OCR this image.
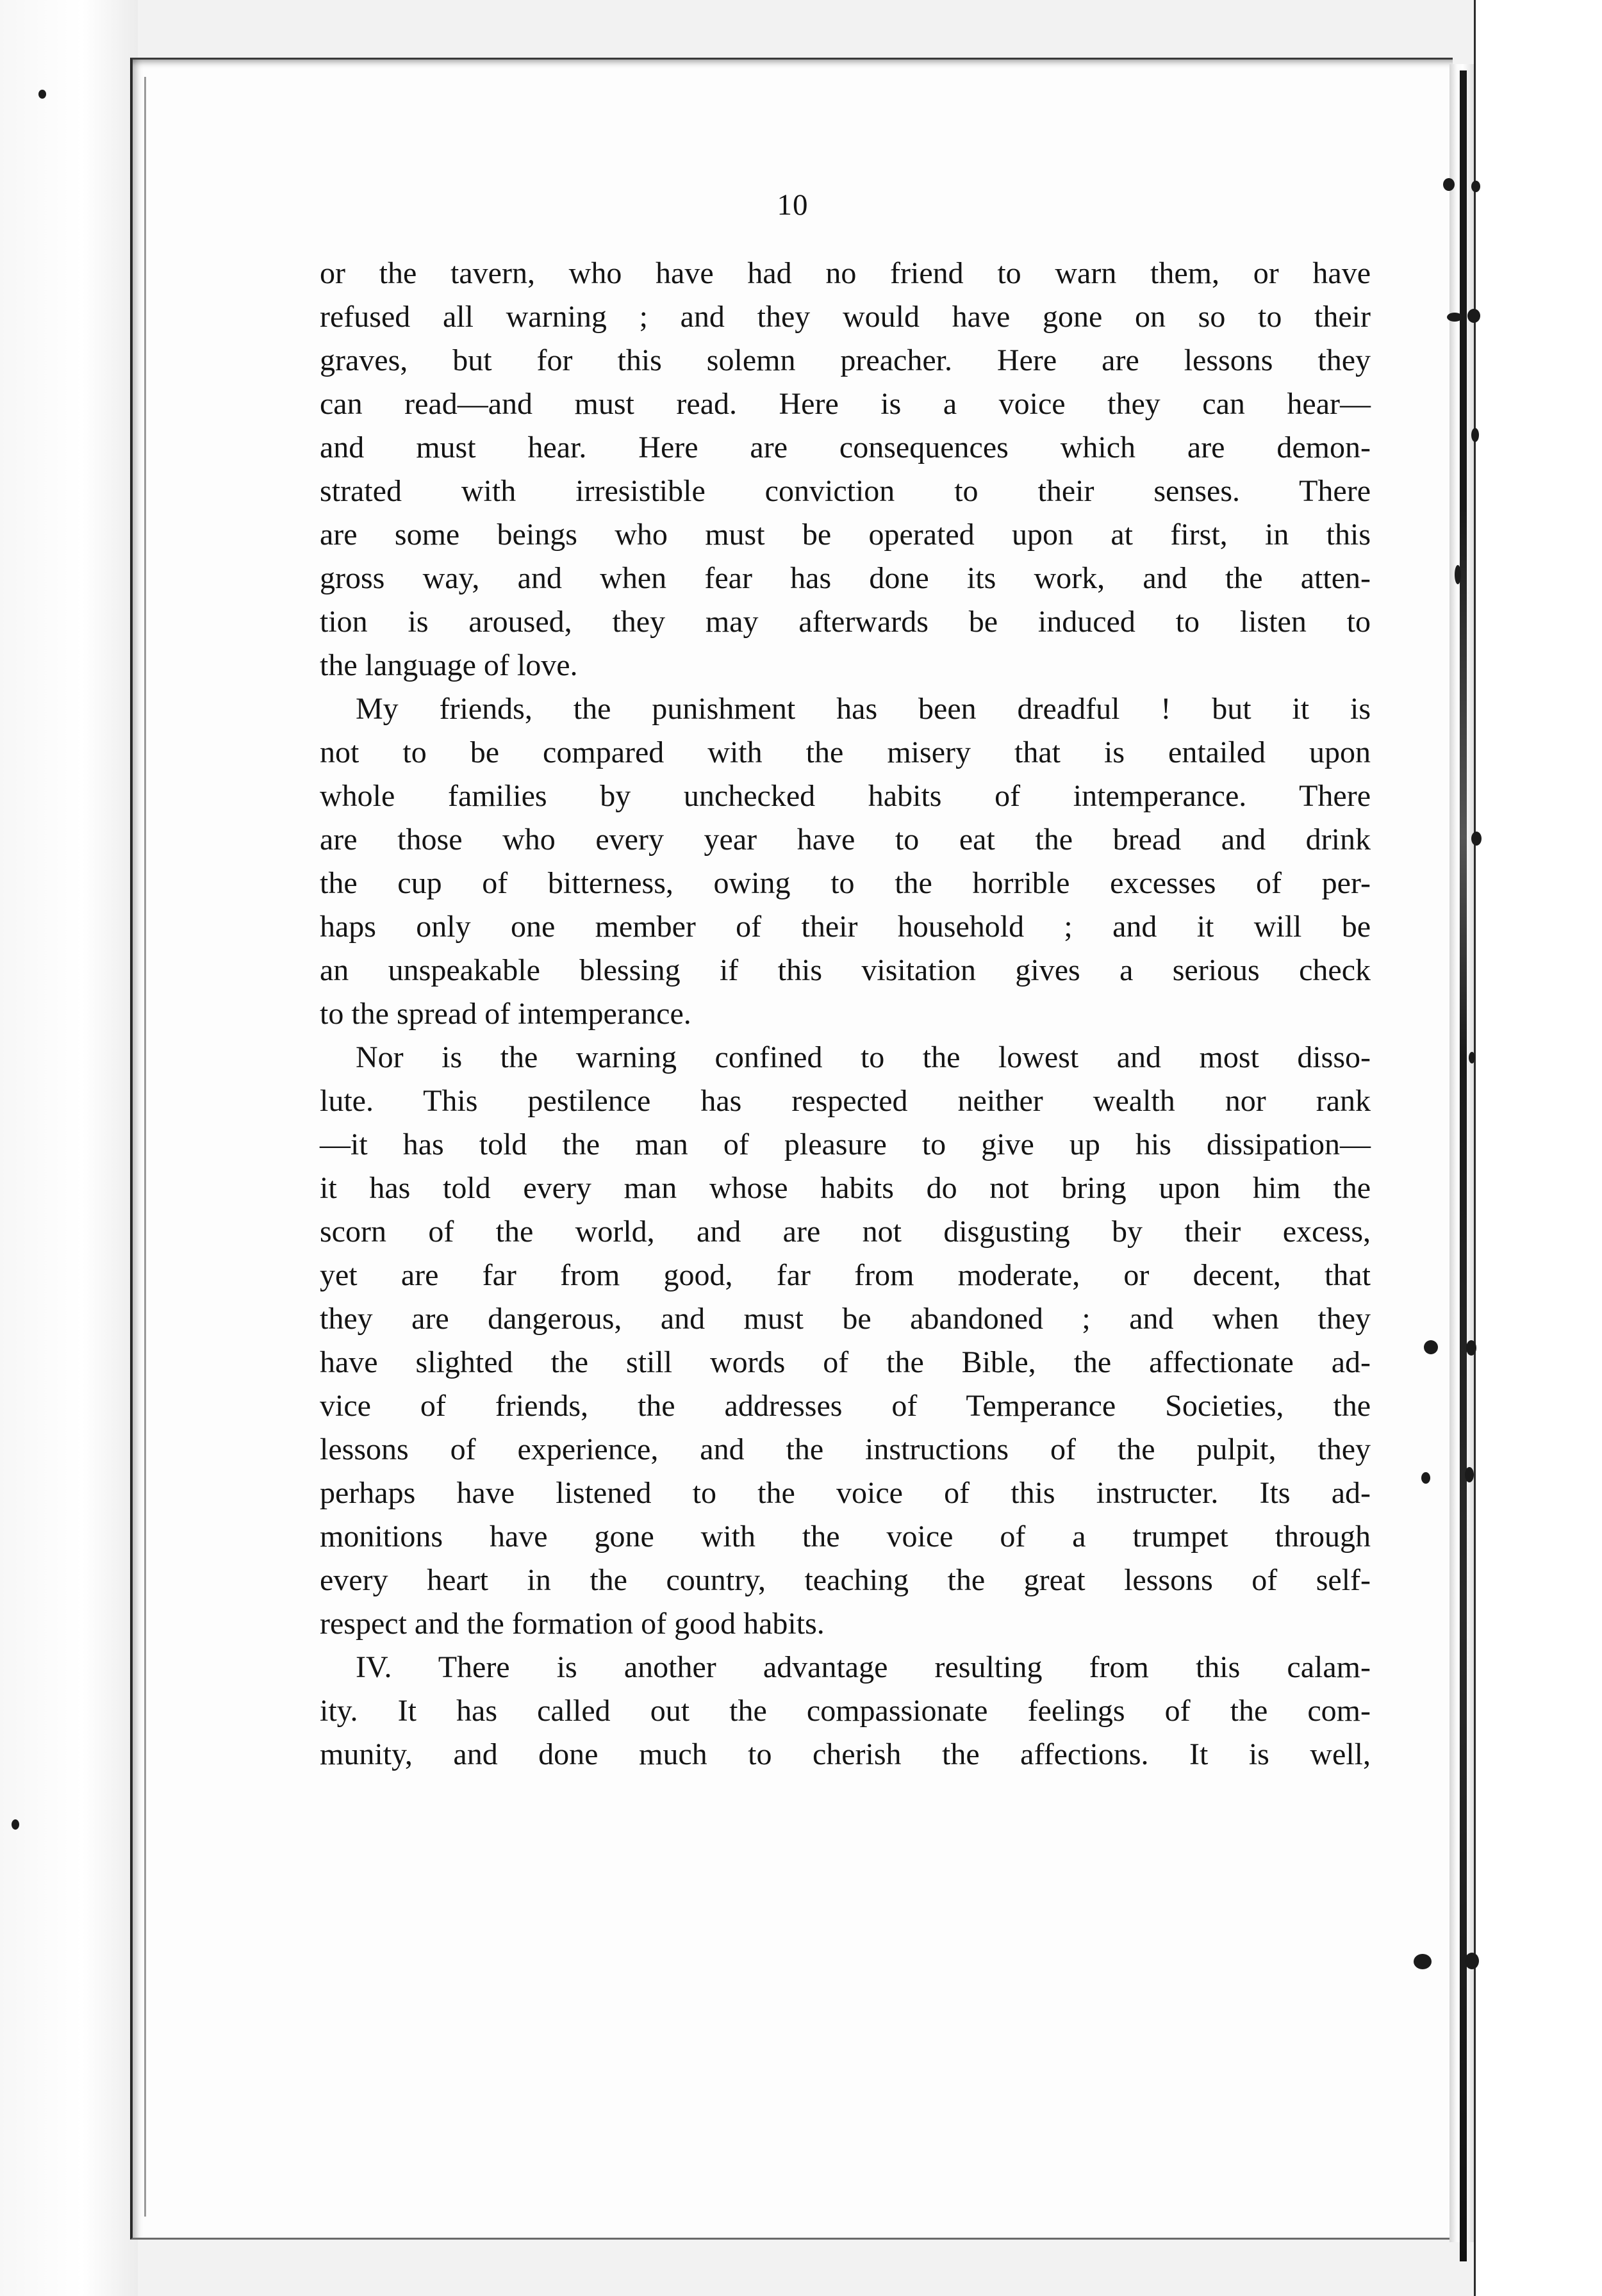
10
or the tavern, who have had no friend to warn them, or have
refused all warning ; and they would have gone on so to their
graves, but for this solemn preacher. Here are lessons they
can read—and must read. Here is a voice they can hear—
and must hear. Here are consequences which are demon-
strated with irresistible conviction to their senses. There
are some beings who must be operated upon at first, in this
gross way, and when fear has done its work, and the atten-
tion is aroused, they may afterwards be induced to listen to
the language of love.
My friends, the punishment has been dreadful ! but it is
not to be compared with the misery that is entailed upon
whole families by unchecked habits of intemperance. There
are those who every year have to eat the bread and drink
the cup of bitterness, owing to the horrible excesses of per-
haps only one member of their household ; and it will be
an unspeakable blessing if this visitation gives a serious check
to the spread of intemperance.
Nor is the warning confined to the lowest and most disso-
lute. This pestilence has respected neither wealth nor rank
—it has told the man of pleasure to give up his dissipation—
it has told every man whose habits do not bring upon him the
scorn of the world, and are not disgusting by their excess,
yet are far from good, far from moderate, or decent, that
they are dangerous, and must be abandoned ; and when they
have slighted the still words of the Bible, the affectionate ad-
vice of friends, the addresses of Temperance Societies, the
lessons of experience, and the instructions of the pulpit, they
perhaps have listened to the voice of this instructer. Its ad-
monitions have gone with the voice of a trumpet through
every heart in the country, teaching the great lessons of self-
respect and the formation of good habits.
IV. There is another advantage resulting from this calam-
ity. It has called out the compassionate feelings of the com-
munity, and done much to cherish the affections. It is well,
